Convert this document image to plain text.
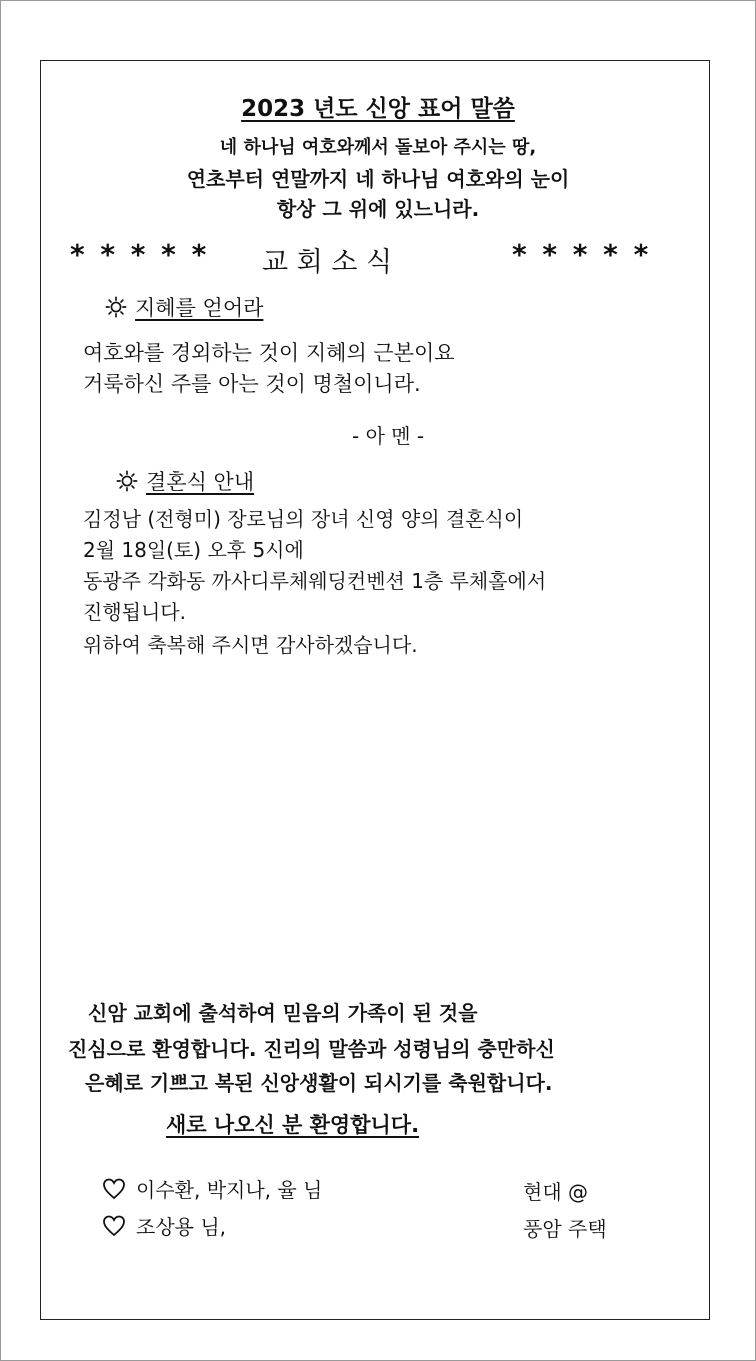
2023 년도 신앙 표어 말씀
네 하나님 여호와께서 돌보아 주시는 땅,
연초부터 연말까지 네 하나님 여호와의 눈이
항상 그 위에 있느니라.
* * * * * 교 회 소 식	* * * * *
지혜를 얻어라
여호와를 경외하는 것이 지혜의 근본이요
거룩하신 주를 아는 것이 명철이니라.
- 아 멘 -
결혼식 안내
김정남 (전형미) 장로님의 장녀 신영 양의 결혼식이
2월 18일(토) 오후 5시에
동광주 각화동 까사디루체웨딩컨벤션 1층 루체홀에서
진행됩니다.
위하여 축복해 주시면 감사하겠습니다.
신암 교회에 출석하여 믿음의 가족이 된 것을
진심으로 환영합니다. 진리의 말씀과 성령님의 충만하신
은혜로 기쁘고 복된 신앙생활이 되시기를 축원합니다.
새로 나오신 분 환영합니다.
이수환, 박지나, 율 님	현대 @
조상용 님,	풍암 주택
